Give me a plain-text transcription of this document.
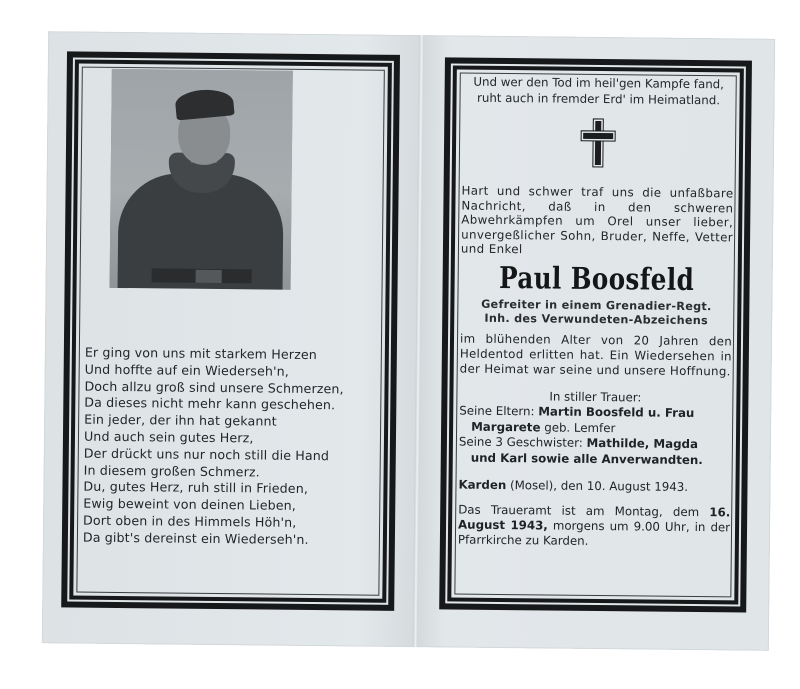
Er ging von uns mit starkem Herzen
Und hoffte auf ein Wiederseh'n,
Doch allzu groß sind unsere Schmerzen,
Da dieses nicht mehr kann geschehen.
Ein jeder, der ihn hat gekannt
Und auch sein gutes Herz,
Der drückt uns nur noch still die Hand
In diesem großen Schmerz.
Du, gutes Herz, ruh still in Frieden,
Ewig beweint von deinen Lieben,
Dort oben in des Himmels Höh'n,
Da gibt's dereinst ein Wiederseh'n.
Und wer den Tod im heil'gen Kampfe fand,
ruht auch in fremder Erd' im Heimatland.
Hart und schwer traf uns die unfaßbare Nachricht, daß in den schweren Abwehrkämpfen um Orel unser lieber, unvergeßlicher Sohn, Bruder, Neffe, Vetter und Enkel
Paul Boosfeld
Gefreiter in einem Grenadier-Regt.
Inh. des Verwundeten-Abzeichens
im blühenden Alter von 20 Jahren den Heldentod erlitten hat. Ein Wiedersehen in der Heimat war seine und unsere Hoffnung.
In stiller Trauer:
Seine Eltern: Martin Boosfeld u. Frau
Margarete geb. Lemfer
Seine 3 Geschwister: Mathilde, Magda
und Karl sowie alle Anverwandten.
Karden (Mosel), den 10. August 1943.
Das Traueramt ist am Montag, dem 16. August 1943, morgens um 9.00 Uhr, in der Pfarrkirche zu Karden.
